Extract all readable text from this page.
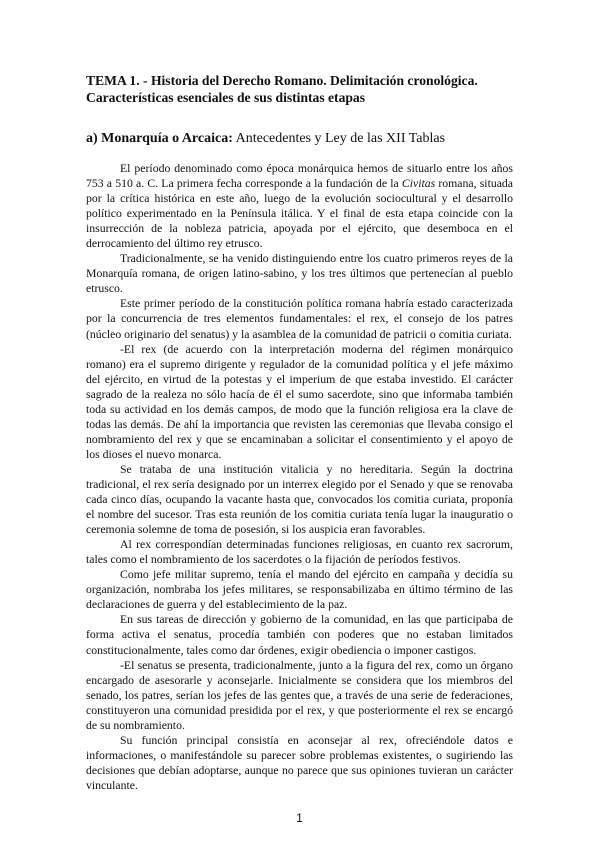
TEMA 1. - Historia del Derecho Romano. Delimitación cronológica. Características esenciales de sus distintas etapas

a) Monarquía o Arcaica: Antecedentes y Ley de las XII Tablas

El período denominado como época monárquica hemos de situarlo entre los años 753 a 510 a. C. La primera fecha corresponde a la fundación de la Civitas romana, situada por la crítica histórica en este año, luego de la evolución sociocultural y el desarrollo político experimentado en la Península itálica. Y el final de esta etapa coincide con la insurrección de la nobleza patricia, apoyada por el ejército, que desemboca en el derrocamiento del último rey etrusco.

Tradicionalmente, se ha venido distinguiendo entre los cuatro primeros reyes de la Monarquía romana, de origen latino-sabino, y los tres últimos que pertenecían al pueblo etrusco.

Este primer período de la constitución política romana habría estado caracterizada por la concurrencia de tres elementos fundamentales: el rex, el consejo de los patres (núcleo originario del senatus) y la asamblea de la comunidad de patricii o comitia curiata.

-El rex (de acuerdo con la interpretación moderna del régimen monárquico romano) era el supremo dirigente y regulador de la comunidad política y el jefe máximo del ejército, en virtud de la potestas y el imperium de que estaba investido. El carácter sagrado de la realeza no sólo hacía de él el sumo sacerdote, sino que informaba también toda su actividad en los demás campos, de modo que la función religiosa era la clave de todas las demás. De ahí la importancia que revisten las ceremonias que llevaba consigo el nombramiento del rex y que se encaminaban a solicitar el consentimiento y el apoyo de los dioses el nuevo monarca.

Se trataba de una institución vitalicia y no hereditaria. Según la doctrina tradicional, el rex sería designado por un interrex elegido por el Senado y que se renovaba cada cinco días, ocupando la vacante hasta que, convocados los comitia curiata, proponía el nombre del sucesor. Tras esta reunión de los comitia curiata tenía lugar la inauguratio o ceremonia solemne de toma de posesión, si los auspicia eran favorables.

Al rex correspondían determinadas funciones religiosas, en cuanto rex sacrorum, tales como el nombramiento de los sacerdotes o la fijación de períodos festivos.

Como jefe militar supremo, tenía el mando del ejército en campaña y decidía su organización, nombraba los jefes militares, se responsabilizaba en último término de las declaraciones de guerra y del establecimiento de la paz.

En sus tareas de dirección y gobierno de la comunidad, en las que participaba de forma activa el senatus, procedía también con poderes que no estaban limitados constitucionalmente, tales como dar órdenes, exigir obediencia o imponer castigos.

-El senatus se presenta, tradicionalmente, junto a la figura del rex, como un órgano encargado de asesorarle y aconsejarle. Inicialmente se considera que los miembros del senado, los patres, serían los jefes de las gentes que, a través de una serie de federaciones, constituyeron una comunidad presidida por el rex, y que posteriormente el rex se encargó de su nombramiento.

Su función principal consistía en aconsejar al rex, ofreciéndole datos e informaciones, o manifestándole su parecer sobre problemas existentes, o sugiriendo las decisiones que debían adoptarse, aunque no parece que sus opiniones tuvieran un carácter vinculante.

1
